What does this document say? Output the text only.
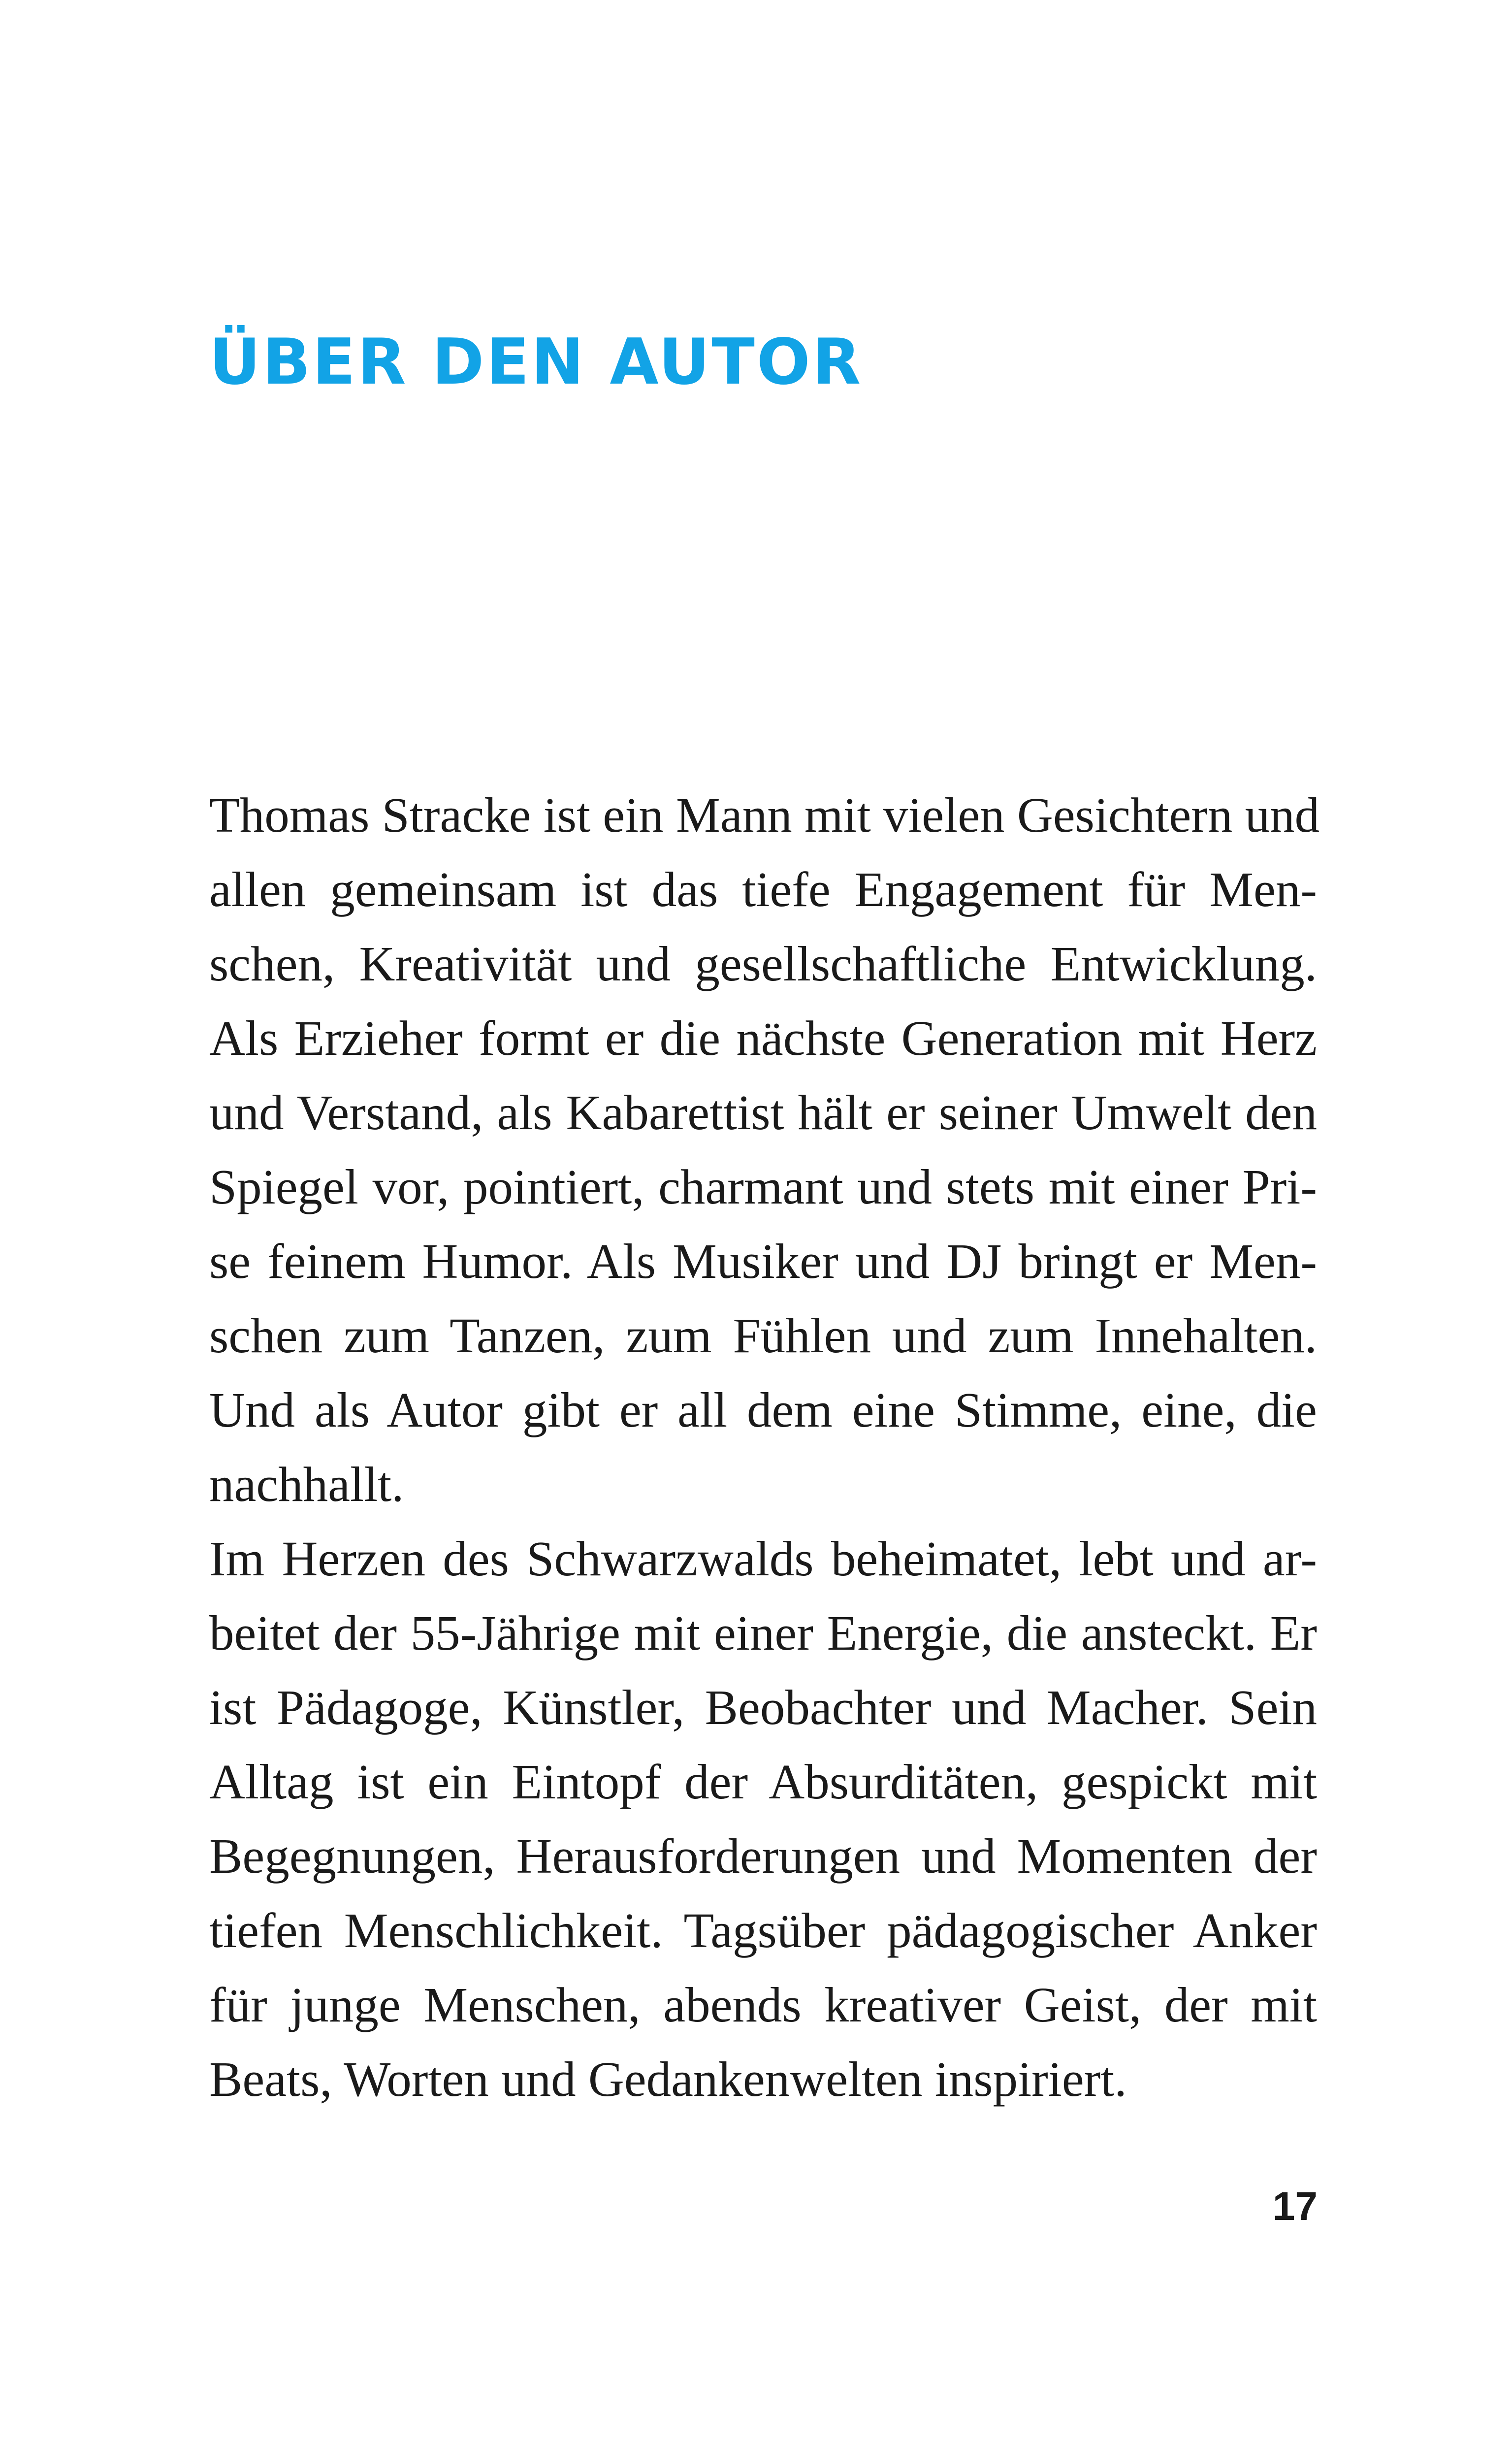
ÜBER DEN AUTOR
Thomas Stracke ist ein Mann mit vielen Gesichtern und
allen gemeinsam ist das tiefe Engagement für Men-
schen, Kreativität und gesellschaftliche Entwicklung.
Als Erzieher formt er die nächste Generation mit Herz
und Verstand, als Kabarettist hält er seiner Umwelt den
Spiegel vor, pointiert, charmant und stets mit einer Pri-
se feinem Humor. Als Musiker und DJ bringt er Men-
schen zum Tanzen, zum Fühlen und zum Innehalten.
Und als Autor gibt er all dem eine Stimme, eine, die
nachhallt.
Im Herzen des Schwarzwalds beheimatet, lebt und ar-
beitet der 55-Jährige mit einer Energie, die ansteckt. Er
ist Pädagoge, Künstler, Beobachter und Macher. Sein
Alltag ist ein Eintopf der Absurditäten, gespickt mit
Begegnungen, Herausforderungen und Momenten der
tiefen Menschlichkeit. Tagsüber pädagogischer Anker
für junge Menschen, abends kreativer Geist, der mit
Beats, Worten und Gedankenwelten inspiriert.
17
